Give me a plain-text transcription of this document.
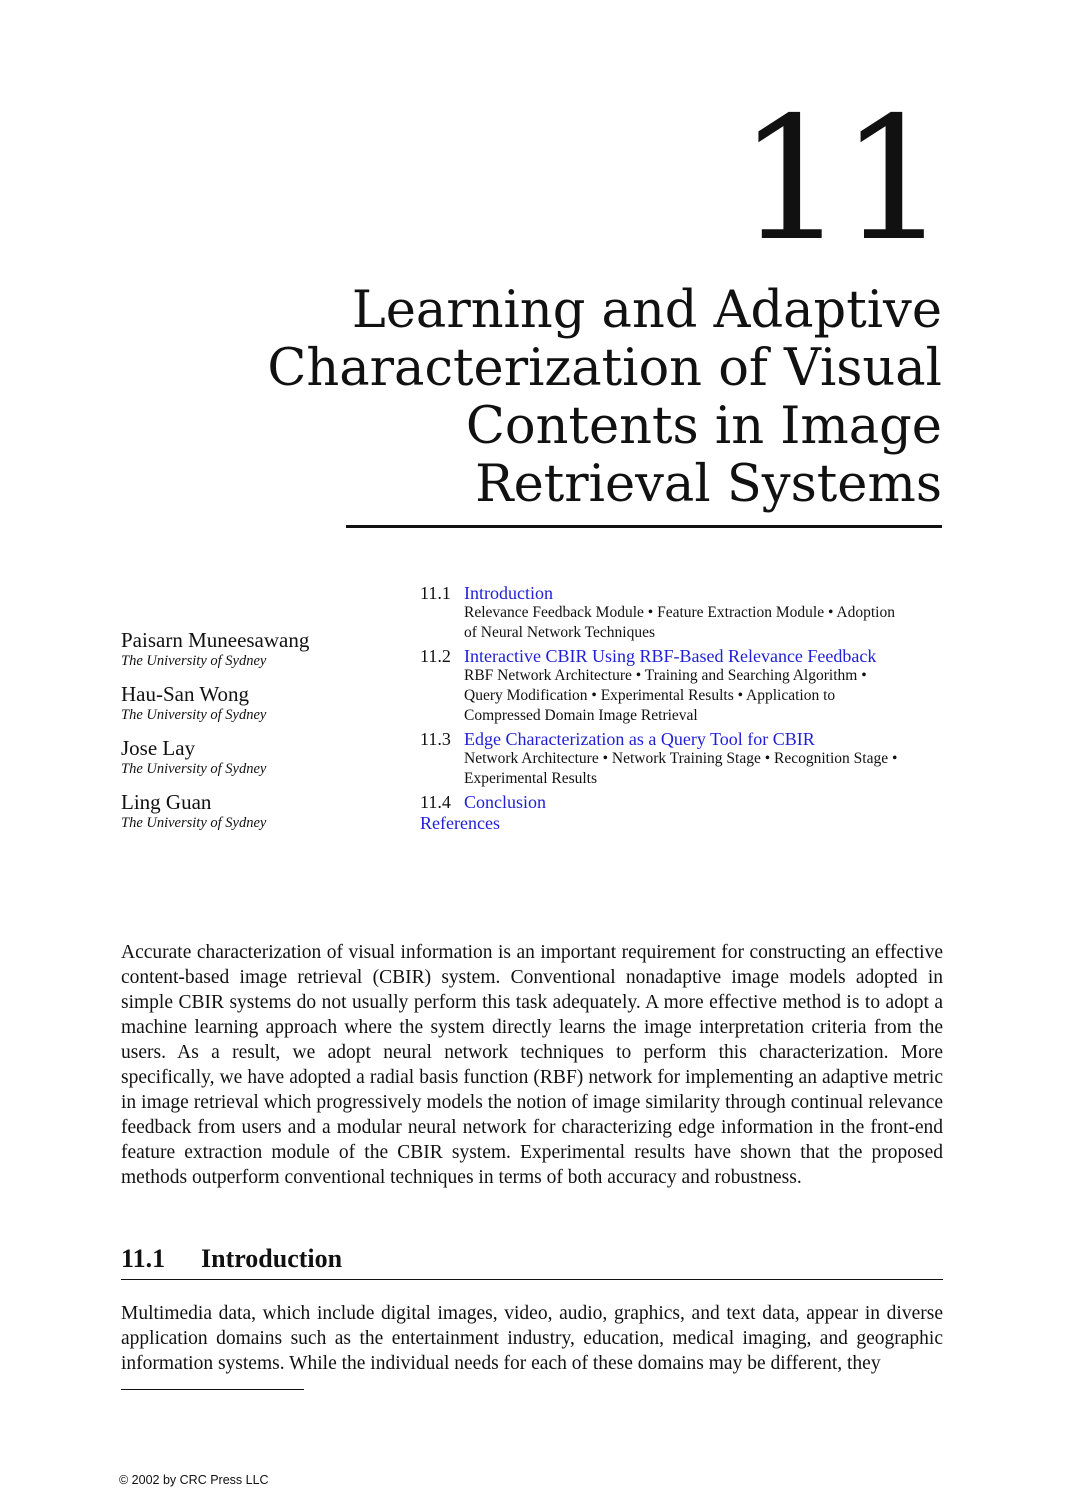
11
Learning and Adaptive Characterization of Visual Contents in Image Retrieval Systems
Paisarn Muneesawang
The University of Sydney
Hau-San Wong
The University of Sydney
Jose Lay
The University of Sydney
Ling Guan
The University of Sydney
11.1 Introduction
Relevance Feedback Module • Feature Extraction Module • Adoption of Neural Network Techniques
11.2 Interactive CBIR Using RBF-Based Relevance Feedback
RBF Network Architecture • Training and Searching Algorithm • Query Modification • Experimental Results • Application to Compressed Domain Image Retrieval
11.3 Edge Characterization as a Query Tool for CBIR
Network Architecture • Network Training Stage • Recognition Stage • Experimental Results
11.4 Conclusion
References
Accurate characterization of visual information is an important requirement for constructing an effective content-based image retrieval (CBIR) system. Conventional nonadaptive image models adopted in simple CBIR systems do not usually perform this task adequately. A more effective method is to adopt a machine learning approach where the system directly learns the image interpretation criteria from the users. As a result, we adopt neural network techniques to perform this characterization. More specifically, we have adopted a radial basis function (RBF) network for implementing an adaptive metric in image retrieval which progressively models the notion of image similarity through continual relevance feedback from users and a modular neural network for characterizing edge information in the front-end feature extraction module of the CBIR system. Experimental results have shown that the proposed methods outperform conventional techniques in terms of both accuracy and robustness.
11.1 Introduction
Multimedia data, which include digital images, video, audio, graphics, and text data, appear in diverse application domains such as the entertainment industry, education, medical imaging, and geographic information systems. While the individual needs for each of these domains may be different, they
© 2002 by CRC Press LLC
